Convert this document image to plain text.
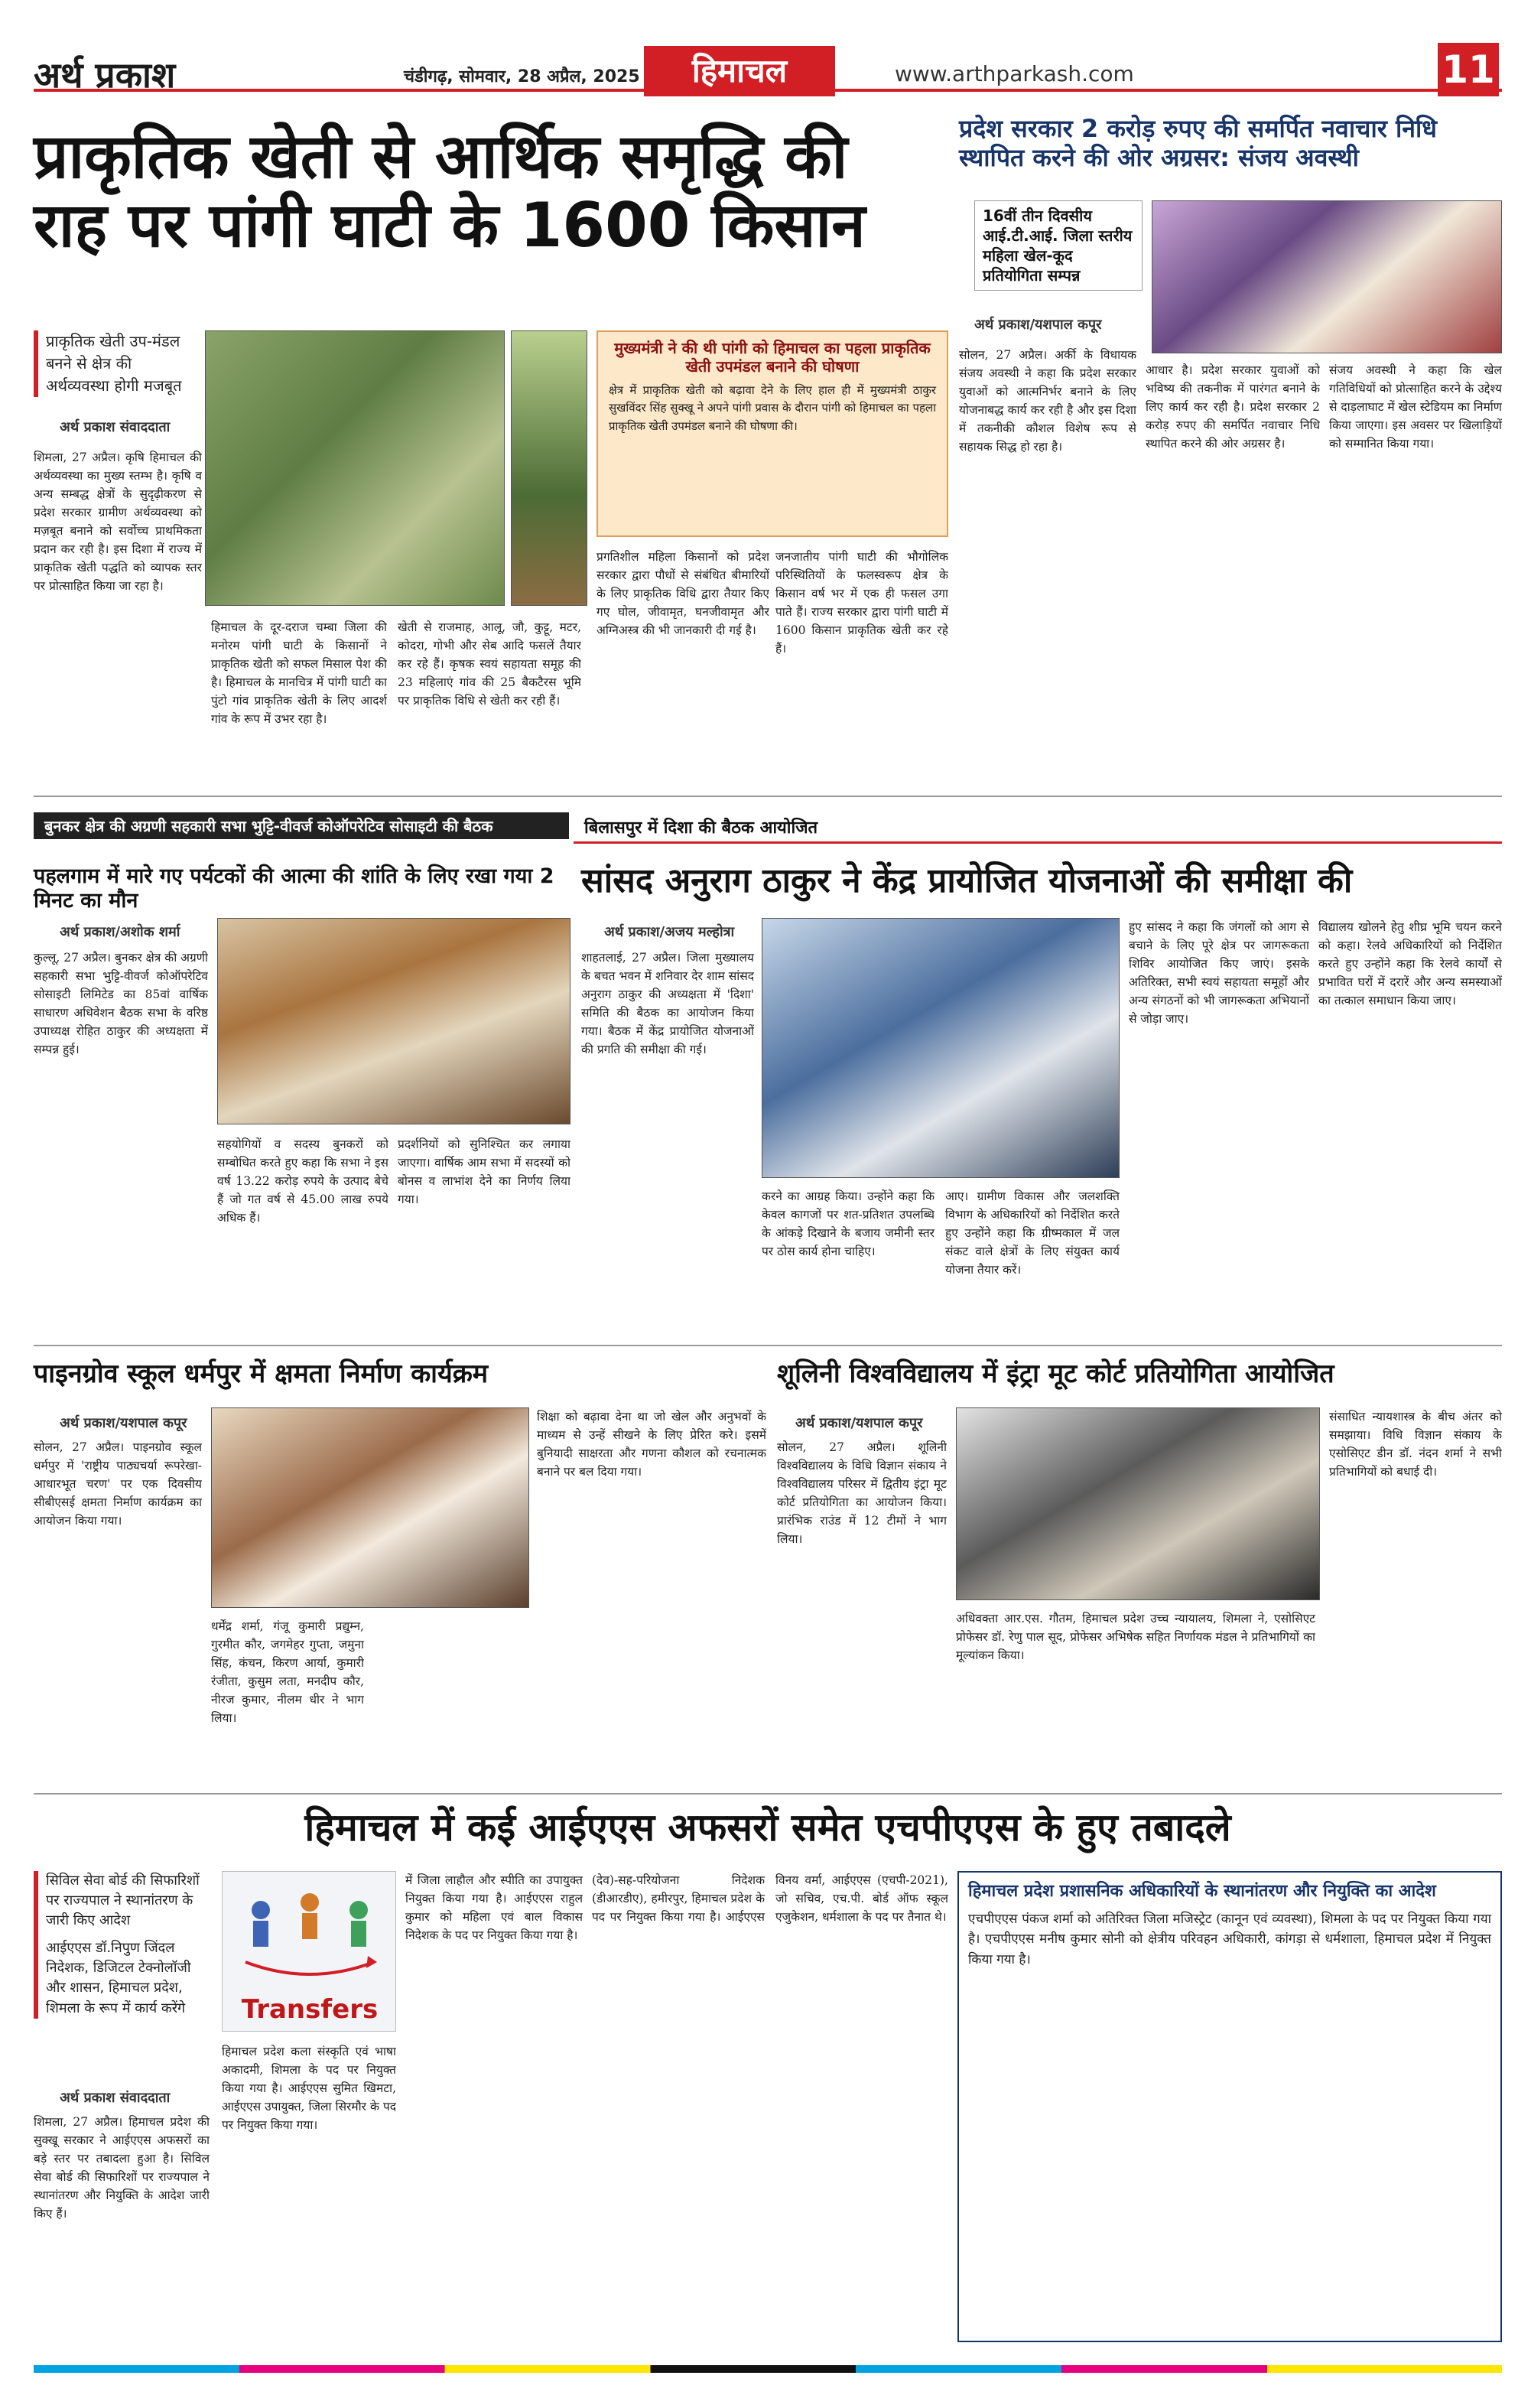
अर्थ प्रकाश	चंडीगढ़, सोमवार, 28 अप्रैल, 2025	हिमाचल	www.arthparkash.com	11
प्राकृतिक खेती से आर्थिक समृद्धि की राह पर पांगी घाटी के 1600 किसान
प्राकृतिक खेती उप-मंडल बनने से क्षेत्र की अर्थव्यवस्था होगी मजबूत
अर्थ प्रकाश संवाददाता
मुख्यमंत्री ने की थी पांगी को हिमाचल का पहला प्राकृतिक खेती उपमंडल बनाने की घोषणा
क्षेत्र में प्राकृतिक खेती को बढ़ावा देने के लिए हाल ही में मुख्यमंत्री ठाकुर सुखविंदर सिंह सुक्खू ने अपने पांगी प्रवास के दौरान पांगी को हिमाचल का पहला प्राकृतिक खेती उपमंडल बनाने की घोषणा की।
शिमला, 27 अप्रैल। कृषि हिमाचल की अर्थव्यवस्था का मुख्य स्तम्भ है। कृषि व अन्य सम्बद्ध क्षेत्रों के सुदृढ़ीकरण से प्रदेश सरकार ग्रामीण अर्थव्यवस्था को मज़बूत बनाने को सर्वोच्च प्राथमिकता प्रदान कर रही है। इस दिशा में राज्य में प्राकृतिक खेती पद्धति को व्यापक स्तर पर प्रोत्साहित किया जा रहा है।
हिमाचल के दूर-दराज चम्बा जिला की मनोरम पांगी घाटी के किसानों ने प्राकृतिक खेती को सफल मिसाल पेश की है। हिमाचल के मानचित्र में पांगी घाटी का पुंटो गांव प्राकृतिक खेती के लिए आदर्श गांव के रूप में उभर रहा है।
खेती से राजमाह, आलू, जौ, कुट्टू, मटर, कोदरा, गोभी और सेब आदि फसलें तैयार कर रहे हैं। कृषक स्वयं सहायता समूह की 23 महिलाएं गांव की 25 बैकटैरस भूमि पर प्राकृतिक विधि से खेती कर रही हैं।
प्रगतिशील महिला किसानों को प्रदेश सरकार द्वारा पौधों से संबंधित बीमारियों के लिए प्राकृतिक विधि द्वारा तैयार किए गए घोल, जीवामृत, घनजीवामृत और अग्निअस्त्र की भी जानकारी दी गई है।
जनजातीय पांगी घाटी की भौगोलिक परिस्थितियों के फलस्वरूप क्षेत्र के किसान वर्ष भर में एक ही फसल उगा पाते हैं। राज्य सरकार द्वारा पांगी घाटी में 1600 किसान प्राकृतिक खेती कर रहे हैं।
प्रदेश सरकार 2 करोड़ रुपए की समर्पित नवाचार निधि स्थापित करने की ओर अग्रसर: संजय अवस्थी
16वीं तीन दिवसीय आई.टी.आई. जिला स्तरीय महिला खेल-कूद प्रतियोगिता सम्पन्न
अर्थ प्रकाश/यशपाल कपूर
सोलन, 27 अप्रैल। अर्की के विधायक संजय अवस्थी ने कहा कि प्रदेश सरकार युवाओं को आत्मनिर्भर बनाने के लिए योजनाबद्ध कार्य कर रही है और इस दिशा में तकनीकी कौशल विशेष रूप से सहायक सिद्ध हो रहा है।
आधार है। प्रदेश सरकार युवाओं को भविष्य की तकनीक में पारंगत बनाने के लिए कार्य कर रही है। प्रदेश सरकार 2 करोड़ रुपए की समर्पित नवाचार निधि स्थापित करने की ओर अग्रसर है।
संजय अवस्थी ने कहा कि खेल गतिविधियों को प्रोत्साहित करने के उद्देश्य से दाड़लाघाट में खेल स्टेडियम का निर्माण किया जाएगा। इस अवसर पर खिलाड़ियों को सम्मानित किया गया।
बुनकर क्षेत्र की अग्रणी सहकारी सभा भुट्टि-वीवर्ज कोऑपरेटिव सोसाइटी की बैठक	बिलासपुर में दिशा की बैठक आयोजित
पहलगाम में मारे गए पर्यटकों की आत्मा की शांति के लिए रखा गया 2 मिनट का मौन
अर्थ प्रकाश/अशोक शर्मा
कुल्लू, 27 अप्रैल। बुनकर क्षेत्र की अग्रणी सहकारी सभा भुट्टि-वीवर्ज कोऑपरेटिव सोसाइटी लिमिटेड का 85वां वार्षिक साधारण अधिवेशन बैठक सभा के वरिष्ठ उपाध्यक्ष रोहित ठाकुर की अध्यक्षता में सम्पन्न हुई।
सहयोगियों व सदस्य बुनकरों को सम्बोधित करते हुए कहा कि सभा ने इस वर्ष 13.22 करोड़ रुपये के उत्पाद बेचे हैं जो गत वर्ष से 45.00 लाख रुपये अधिक हैं।
प्रदर्शनियों को सुनिश्चित कर लगाया जाएगा। वार्षिक आम सभा में सदस्यों को बोनस व लाभांश देने का निर्णय लिया गया।
सांसद अनुराग ठाकुर ने केंद्र प्रायोजित योजनाओं की समीक्षा की
अर्थ प्रकाश/अजय मल्होत्रा
शाहतलाई, 27 अप्रैल। जिला मुख्यालय के बचत भवन में शनिवार देर शाम सांसद अनुराग ठाकुर की अध्यक्षता में 'दिशा' समिति की बैठक का आयोजन किया गया। बैठक में केंद्र प्रायोजित योजनाओं की प्रगति की समीक्षा की गई।
करने का आग्रह किया। उन्होंने कहा कि केवल कागजों पर शत-प्रतिशत उपलब्धि के आंकड़े दिखाने के बजाय जमीनी स्तर पर ठोस कार्य होना चाहिए।
आए। ग्रामीण विकास और जलशक्ति विभाग के अधिकारियों को निर्देशित करते हुए उन्होंने कहा कि ग्रीष्मकाल में जल संकट वाले क्षेत्रों के लिए संयुक्त कार्य योजना तैयार करें।
हुए सांसद ने कहा कि जंगलों को आग से बचाने के लिए पूरे क्षेत्र पर जागरूकता शिविर आयोजित किए जाएं। इसके अतिरिक्त, सभी स्वयं सहायता समूहों और अन्य संगठनों को भी जागरूकता अभियानों से जोड़ा जाए।
विद्यालय खोलने हेतु शीघ्र भूमि चयन करने को कहा। रेलवे अधिकारियों को निर्देशित करते हुए उन्होंने कहा कि रेलवे कार्यों से प्रभावित घरों में दरारें और अन्य समस्याओं का तत्काल समाधान किया जाए।
पाइनग्रोव स्कूल धर्मपुर में क्षमता निर्माण कार्यक्रम
अर्थ प्रकाश/यशपाल कपूर
सोलन, 27 अप्रैल। पाइनग्रोव स्कूल धर्मपुर में 'राष्ट्रीय पाठ्यचर्या रूपरेखा-आधारभूत चरण' पर एक दिवसीय सीबीएसई क्षमता निर्माण कार्यक्रम का आयोजन किया गया।
धर्मेंद्र शर्मा, गंजू कुमारी प्रद्युम्न, गुरमीत कौर, जगमेहर गुप्ता, जमुना सिंह, कंचन, किरण आर्या, कुमारी रंजीता, कुसुम लता, मनदीप कौर, नीरज कुमार, नीलम धीर ने भाग लिया।
शिक्षा को बढ़ावा देना था जो खेल और अनुभवों के माध्यम से उन्हें सीखने के लिए प्रेरित करे। इसमें बुनियादी साक्षरता और गणना कौशल को रचनात्मक बनाने पर बल दिया गया।
शूलिनी विश्वविद्यालय में इंट्रा मूट कोर्ट प्रतियोगिता आयोजित
अर्थ प्रकाश/यशपाल कपूर
सोलन, 27 अप्रैल। शूलिनी विश्वविद्यालय के विधि विज्ञान संकाय ने विश्वविद्यालय परिसर में द्वितीय इंट्रा मूट कोर्ट प्रतियोगिता का आयोजन किया। प्रारंभिक राउंड में 12 टीमों ने भाग लिया।
अधिवक्ता आर.एस. गौतम, हिमाचल प्रदेश उच्च न्यायालय, शिमला ने, एसोसिएट प्रोफेसर डॉ. रेणु पाल सूद, प्रोफेसर अभिषेक सहित निर्णायक मंडल ने प्रतिभागियों का मूल्यांकन किया।
संसाधित न्यायशास्त्र के बीच अंतर को समझाया। विधि विज्ञान संकाय के एसोसिएट डीन डॉ. नंदन शर्मा ने सभी प्रतिभागियों को बधाई दी।
हिमाचल में कई आईएएस अफसरों समेत एचपीएएस के हुए तबादले
सिविल सेवा बोर्ड की सिफारिशों पर राज्यपाल ने स्थानांतरण के जारी किए आदेश
आईएएस डॉ.निपुण जिंदल निदेशक, डिजिटल टेक्नोलॉजी और शासन, हिमाचल प्रदेश, शिमला के रूप में कार्य करेंगे
अर्थ प्रकाश संवाददाता
शिमला, 27 अप्रैल। हिमाचल प्रदेश की सुक्खू सरकार ने आईएएस अफसरों का बड़े स्तर पर तबादला हुआ है। सिविल सेवा बोर्ड की सिफारिशों पर राज्यपाल ने स्थानांतरण और नियुक्ति के आदेश जारी किए हैं।
Transfers
हिमाचल प्रदेश कला संस्कृति एवं भाषा अकादमी, शिमला के पद पर नियुक्त किया गया है। आईएएस सुमित खिमटा, आईएएस उपायुक्त, जिला सिरमौर के पद पर नियुक्त किया गया।
में जिला लाहौल और स्पीति का उपायुक्त नियुक्त किया गया है। आईएएस राहुल कुमार को महिला एवं बाल विकास निदेशक के पद पर नियुक्त किया गया है।
(देव)-सह-परियोजना निदेशक (डीआरडीए), हमीरपुर, हिमाचल प्रदेश के पद पर नियुक्त किया गया है। आईएएस विनय वर्मा, आईएएस (एचपी-2021), जो सचिव, एच.पी. बोर्ड ऑफ स्कूल एजुकेशन, धर्मशाला के पद पर तैनात थे।
हिमाचल प्रदेश प्रशासनिक अधिकारियों के स्थानांतरण और नियुक्ति का आदेश
एचपीएएस पंकज शर्मा को अतिरिक्त जिला मजिस्ट्रेट (कानून एवं व्यवस्था), शिमला के पद पर नियुक्त किया गया है। एचपीएएस मनीष कुमार सोनी को क्षेत्रीय परिवहन अधिकारी, कांगड़ा से धर्मशाला, हिमाचल प्रदेश में नियुक्त किया गया है।
